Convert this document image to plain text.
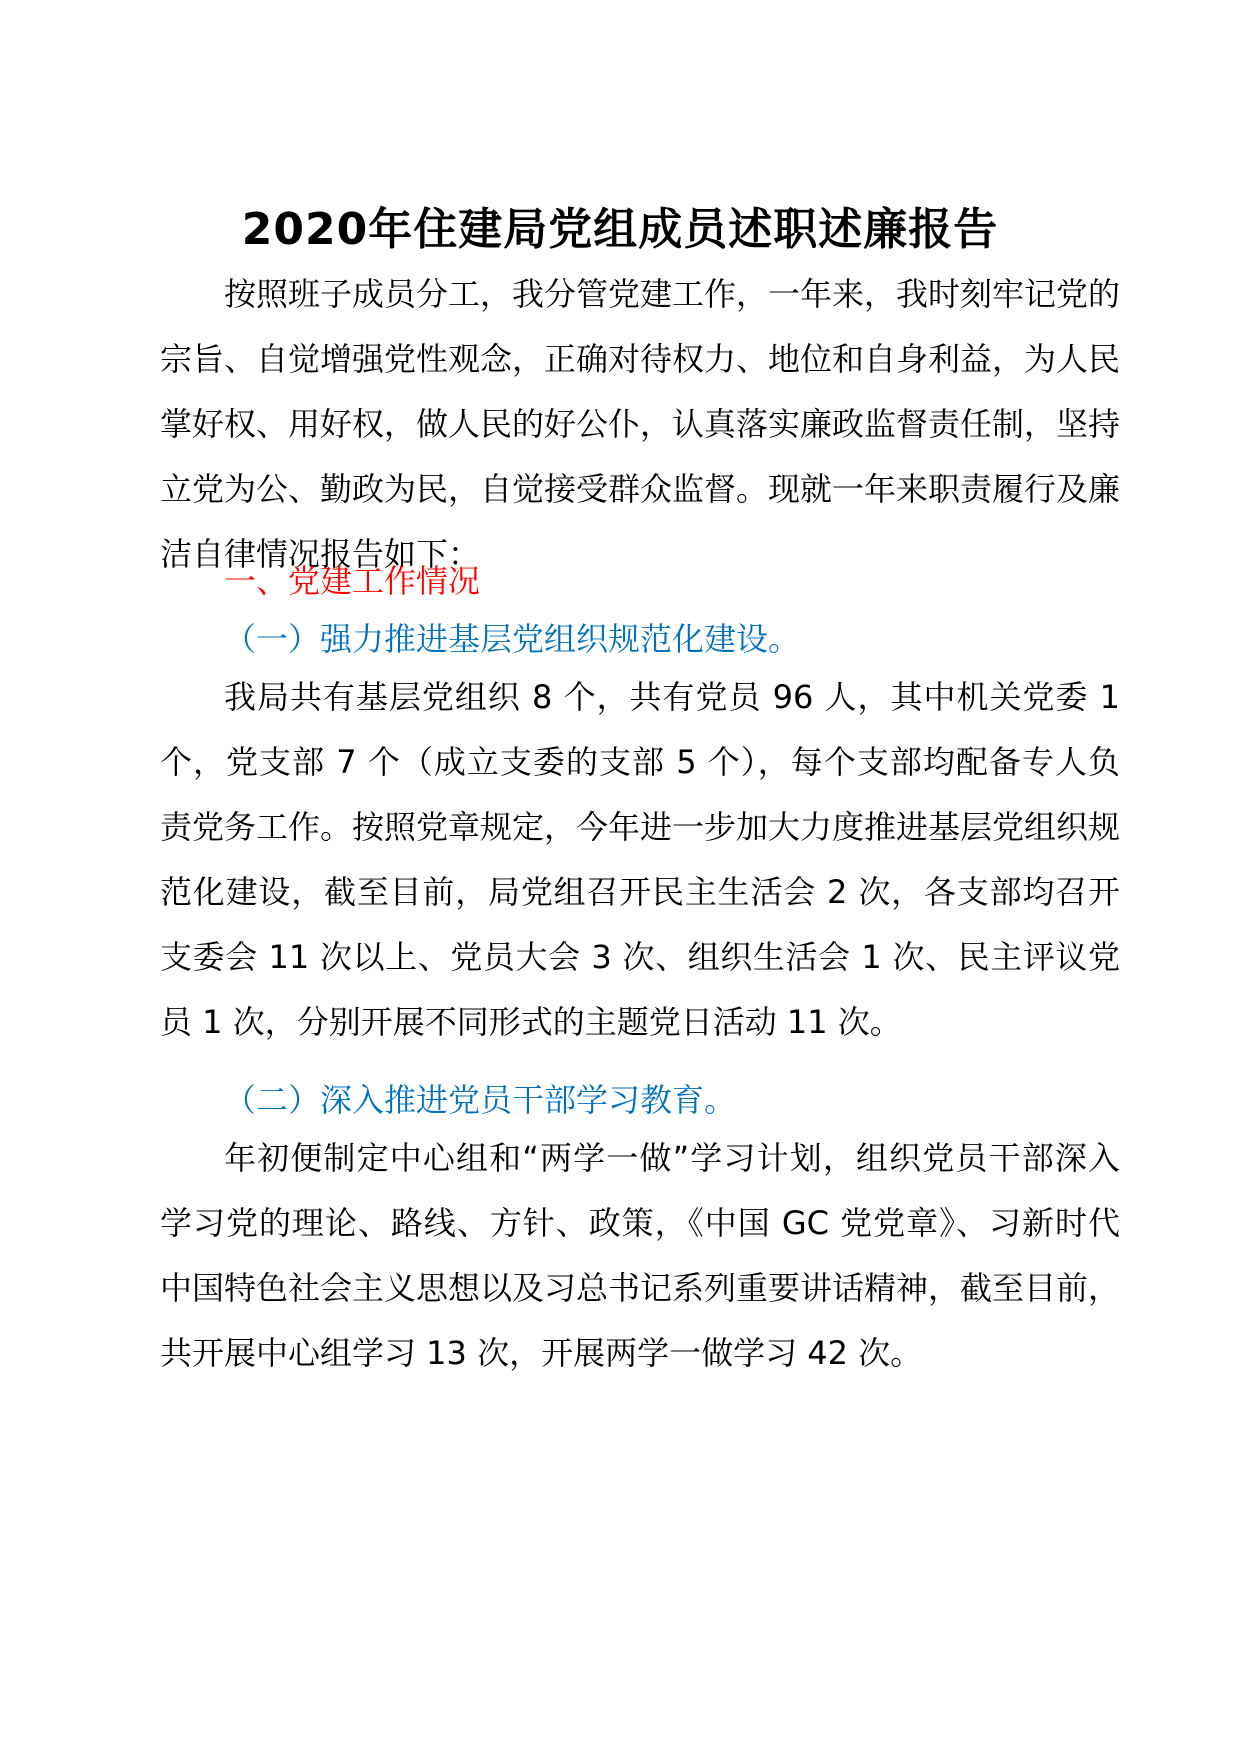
2020年住建局党组成员述职述廉报告

按照班子成员分工，我分管党建工作，一年来，我时刻牢记党的宗旨、自觉增强党性观念，正确对待权力、地位和自身利益，为人民掌好权、用好权，做人民的好公仆，认真落实廉政监督责任制，坚持立党为公、勤政为民，自觉接受群众监督。现就一年来职责履行及廉洁自律情况报告如下：

一、党建工作情况

（一）强力推进基层党组织规范化建设。

我局共有基层党组织 8 个，共有党员 96 人，其中机关党委 1 个，党支部 7 个（成立支委的支部 5 个），每个支部均配备专人负责党务工作。按照党章规定，今年进一步加大力度推进基层党组织规范化建设，截至目前，局党组召开民主生活会 2 次，各支部均召开支委会 11 次以上、党员大会 3 次、组织生活会 1 次、民主评议党员 1 次，分别开展不同形式的主题党日活动 11 次。

（二）深入推进党员干部学习教育。

年初便制定中心组和“两学一做”学习计划，组织党员干部深入学习党的理论、路线、方针、政策，《中国 GC 党党章》、习新时代中国特色社会主义思想以及习总书记系列重要讲话精神，截至目前，共开展中心组学习 13 次，开展两学一做学习 42 次。
